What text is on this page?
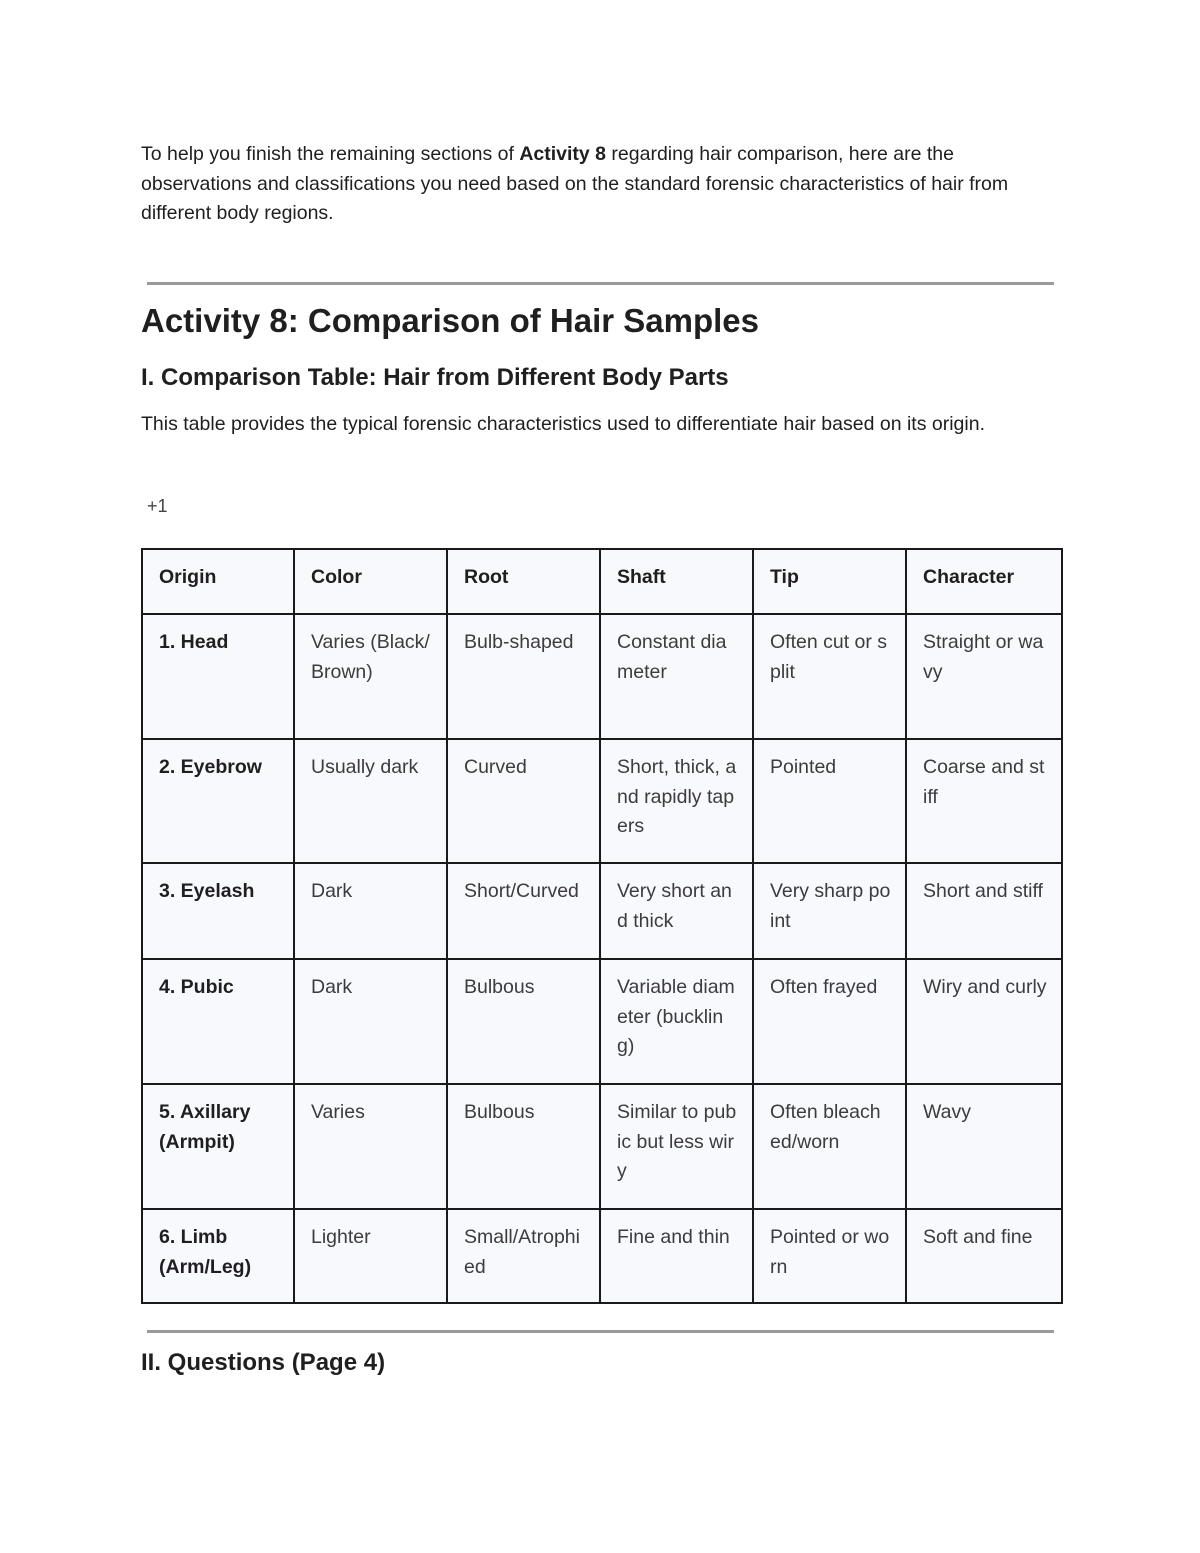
To help you finish the remaining sections of Activity 8 regarding hair comparison, here are the observations and classifications you need based on the standard forensic characteristics of hair from different body regions.

Activity 8: Comparison of Hair Samples
I. Comparison Table: Hair from Different Body Parts

This table provides the typical forensic characteristics used to differentiate hair based on its origin.

+1
Origin	Color	Root	Shaft	Tip	Character
1. Head	Varies (Black/Brown)	Bulb-shaped	Constant diameter	Often cut or split	Straight or wavy
2. Eyebrow	Usually dark	Curved	Short, thick, and rapidly tapers	Pointed	Coarse and stiff
3. Eyelash	Dark	Short/Curved	Very short and thick	Very sharp point	Short and stiff
4. Pubic	Dark	Bulbous	Variable diameter (buckling)	Often frayed	Wiry and curly
5. Axillary (Armpit)	Varies	Bulbous	Similar to pubic but less wiry	Often bleached/worn	Wavy
6. Limb (Arm/Leg)	Lighter	Small/Atrophied	Fine and thin	Pointed or worn	Soft and fine
II. Questions (Page 4)
